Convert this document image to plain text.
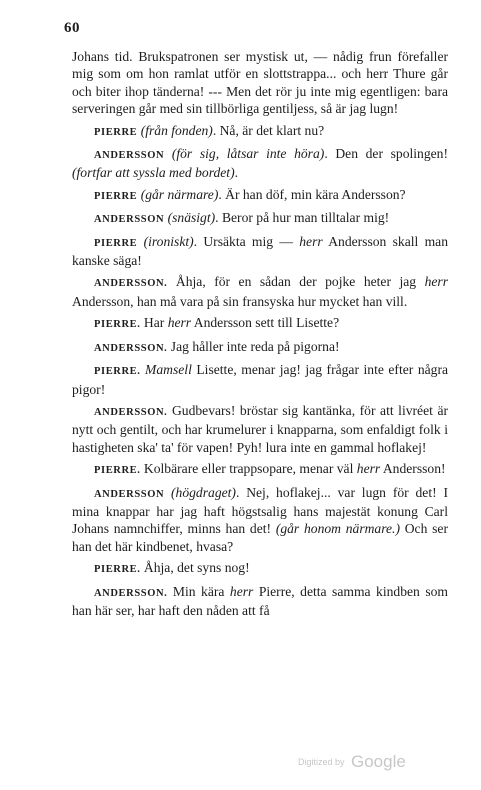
60

Johans tid. Brukspatronen ser mystisk ut, — nådig frun förefaller mig som om hon ramlat utför en slottstrappa... och herr Thure går och biter ihop tänderna! --- Men det rör ju inte mig egentligen: bara serveringen går med sin tillbörliga gentiljess, så är jag lugn!

PIERRE (från fonden). Nå, är det klart nu?

ANDERSSON (för sig, låtsar inte höra). Den der spolingen! (fortfar att syssla med bordet).

PIERRE (går närmare). Är han döf, min kära Andersson?

ANDERSSON (snäsigt). Beror på hur man tilltalar mig!

PIERRE (ironiskt). Ursäkta mig — herr Andersson skall man kanske säga!

ANDERSSON. Åhja, för en sådan der pojke heter jag herr Andersson, han må vara på sin fransyska hur mycket han vill.

PIERRE. Har herr Andersson sett till Lisette?

ANDERSSON. Jag håller inte reda på pigorna!

PIERRE. Mamsell Lisette, menar jag! jag frågar inte efter några pigor!

ANDERSSON. Gudbevars! bröstar sig kantänka, för att livréet är nytt och gentilt, och har krumelurer i knapparna, som enfaldigt folk i hastigheten ska' ta' för vapen! Pyh! lura inte en gammal hoflakej!

PIERRE. Kolbärare eller trappsopare, menar väl herr Andersson!

ANDERSSON (högdraget). Nej, hoflakej... var lugn för det! I mina knappar har jag haft högstsalig hans majestät konung Carl Johans namnchiffer, minns han det! (går honom närmare.) Och ser han det här kindbenet, hvasa?

PIERRE. Åhja, det syns nog!

ANDERSSON. Min kära herr Pierre, detta samma kindben som han här ser, har haft den nåden att få

Digitized by Google
